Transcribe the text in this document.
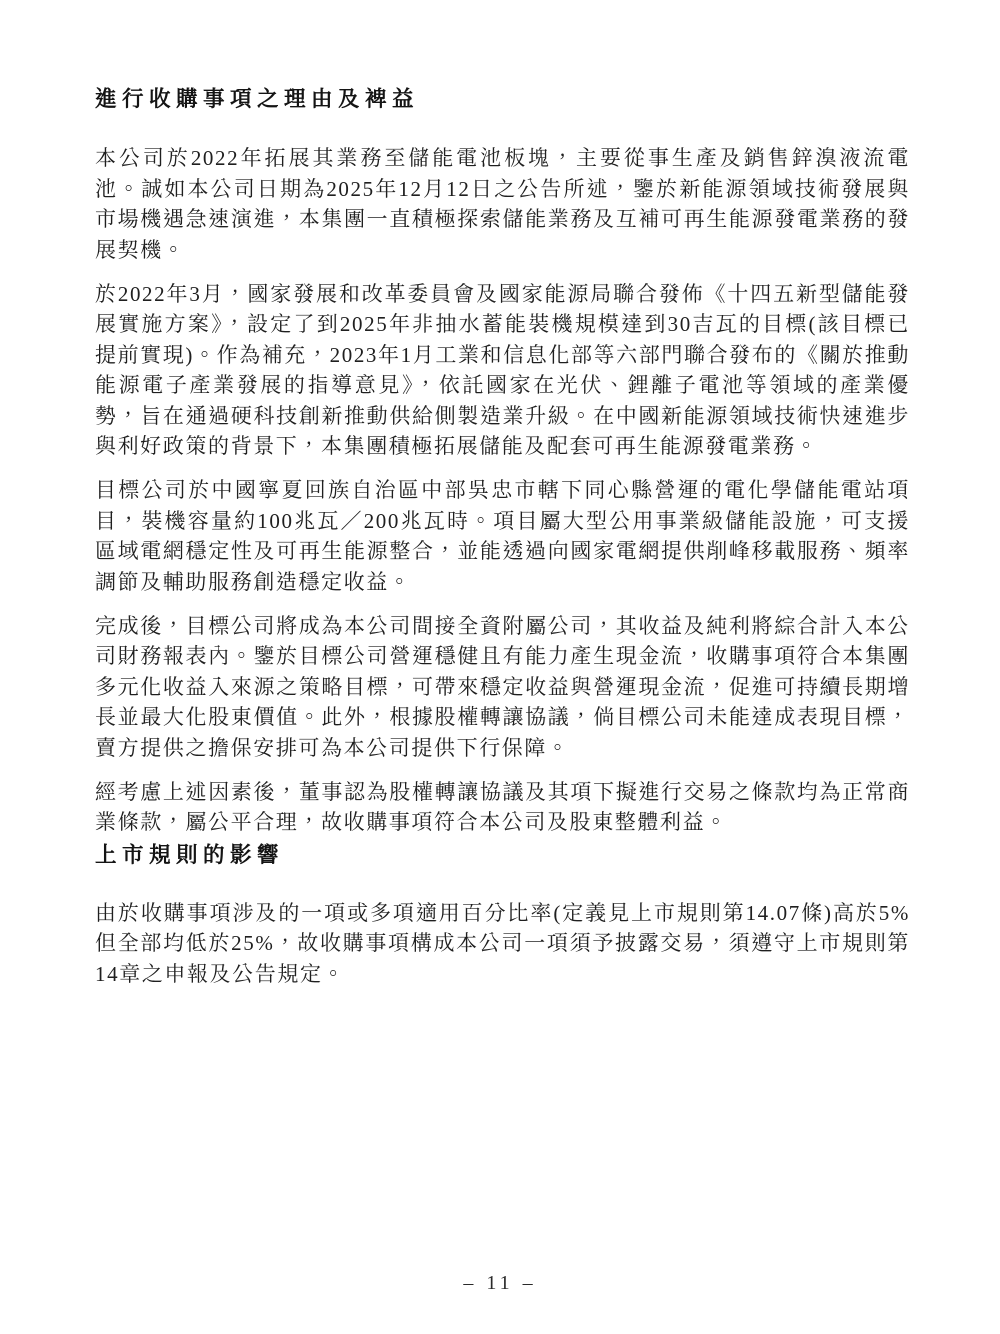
進行收購事項之理由及裨益

本公司於2022年拓展其業務至儲能電池板塊，主要從事生產及銷售鋅溴液流電池。誠如本公司日期為2025年12月12日之公告所述，鑒於新能源領域技術發展與市場機遇急速演進，本集團一直積極探索儲能業務及互補可再生能源發電業務的發展契機。

於2022年3月，國家發展和改革委員會及國家能源局聯合發佈《十四五新型儲能發展實施方案》，設定了到2025年非抽水蓄能裝機規模達到30吉瓦的目標(該目標已提前實現)。作為補充，2023年1月工業和信息化部等六部門聯合發布的《關於推動能源電子產業發展的指導意見》，依託國家在光伏、鋰離子電池等領域的產業優勢，旨在通過硬科技創新推動供給側製造業升級。在中國新能源領域技術快速進步與利好政策的背景下，本集團積極拓展儲能及配套可再生能源發電業務。

目標公司於中國寧夏回族自治區中部吳忠市轄下同心縣營運的電化學儲能電站項目，裝機容量約100兆瓦／200兆瓦時。項目屬大型公用事業級儲能設施，可支援區域電網穩定性及可再生能源整合，並能透過向國家電網提供削峰移載服務、頻率調節及輔助服務創造穩定收益。

完成後，目標公司將成為本公司間接全資附屬公司，其收益及純利將綜合計入本公司財務報表內。鑒於目標公司營運穩健且有能力產生現金流，收購事項符合本集團多元化收益入來源之策略目標，可帶來穩定收益與營運現金流，促進可持續長期增長並最大化股東價值。此外，根據股權轉讓協議，倘目標公司未能達成表現目標，賣方提供之擔保安排可為本公司提供下行保障。

經考慮上述因素後，董事認為股權轉讓協議及其項下擬進行交易之條款均為正常商業條款，屬公平合理，故收購事項符合本公司及股東整體利益。

上市規則的影響

由於收購事項涉及的一項或多項適用百分比率(定義見上市規則第14.07條)高於5%但全部均低於25%，故收購事項構成本公司一項須予披露交易，須遵守上市規則第14章之申報及公告規定。

– 11 –
